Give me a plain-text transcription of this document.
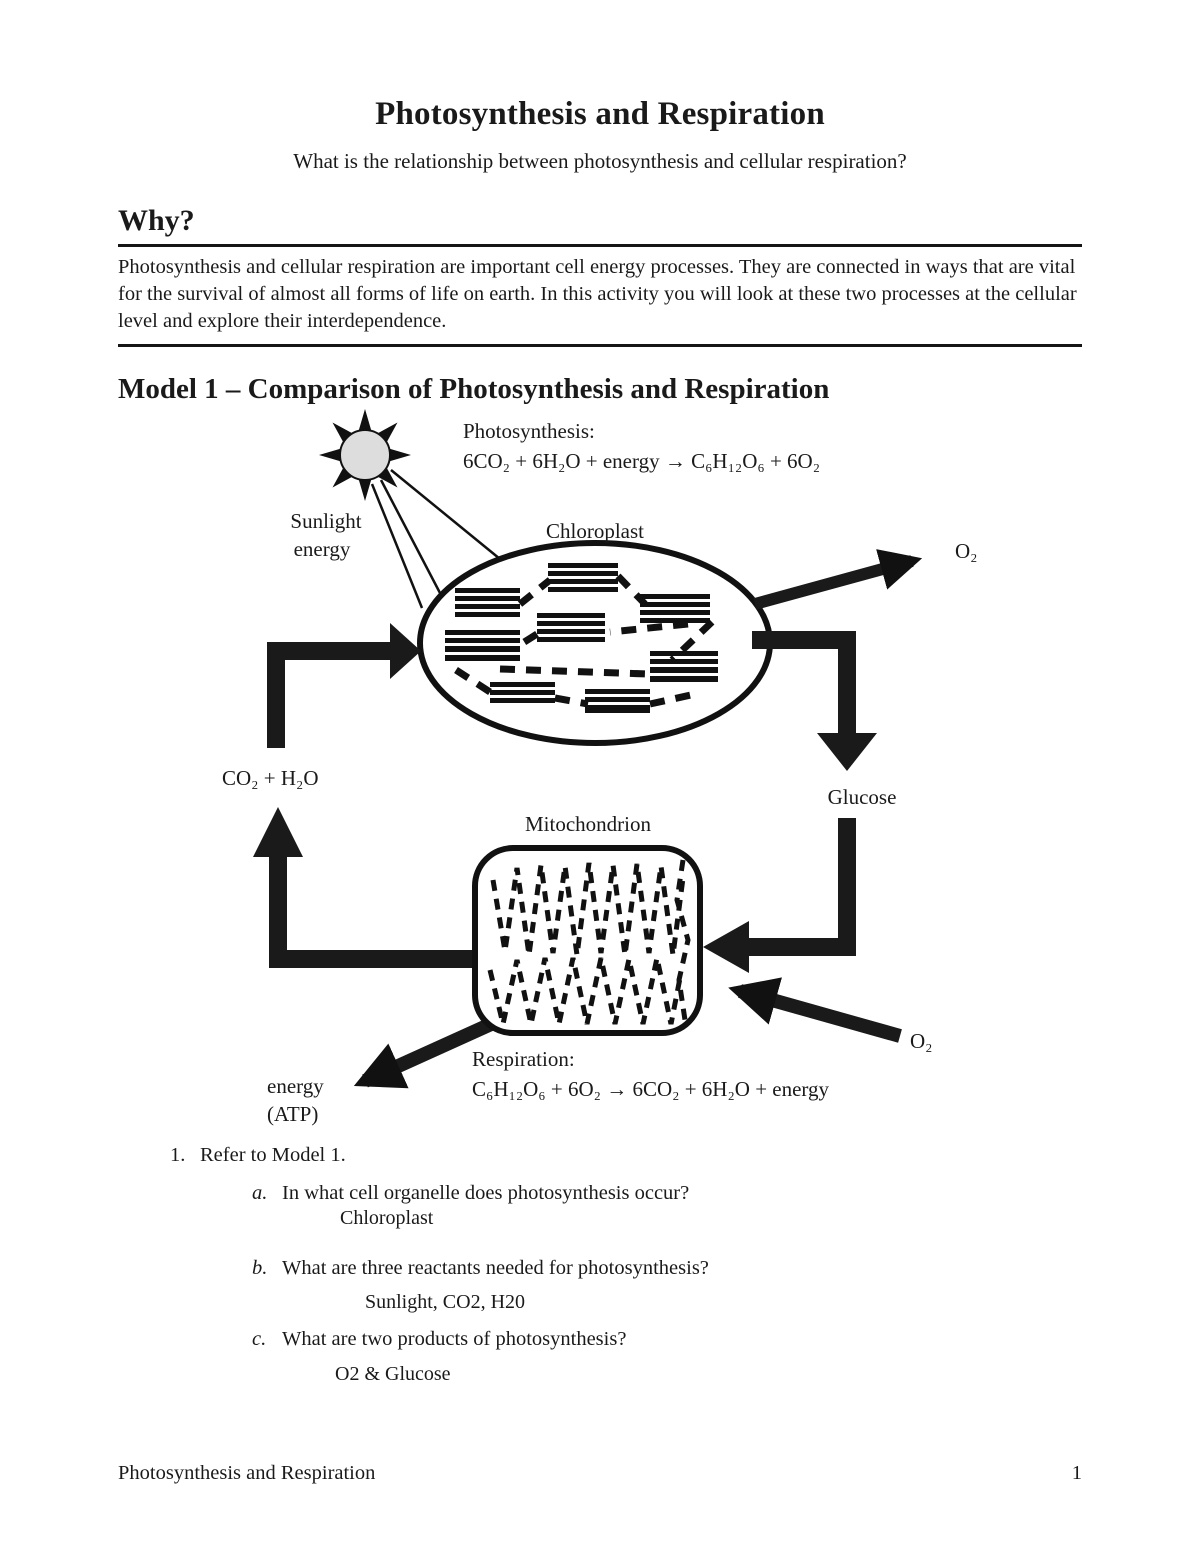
Photosynthesis and Respiration
What is the relationship between photosynthesis and cellular respiration?
Why?

Photosynthesis and cellular respiration are important cell energy processes. They are connected in ways that are vital for the survival of almost all forms of life on earth. In this activity you will look at these two processes at the cellular level and explore their interdependence.

Model 1 – Comparison of Photosynthesis and Respiration
Photosynthesis:
6CO₂ + 6H₂O + energy → C₆H₁₂O₆ + 6O₂
Sunlight
energy
Chloroplast
O₂
CO₂ + H₂O
Glucose
Mitochondrion
O₂
energy
(ATP)
Respiration:
C₆H₁₂O₆ + 6O₂ → 6CO₂ + 6H₂O + energy
1. Refer to Model 1.
a. In what cell organelle does photosynthesis occur?
Chloroplast
b. What are three reactants needed for photosynthesis?
Sunlight, CO2, H20
c. What are two products of photosynthesis?
O2 & Glucose
Photosynthesis and Respiration	1
